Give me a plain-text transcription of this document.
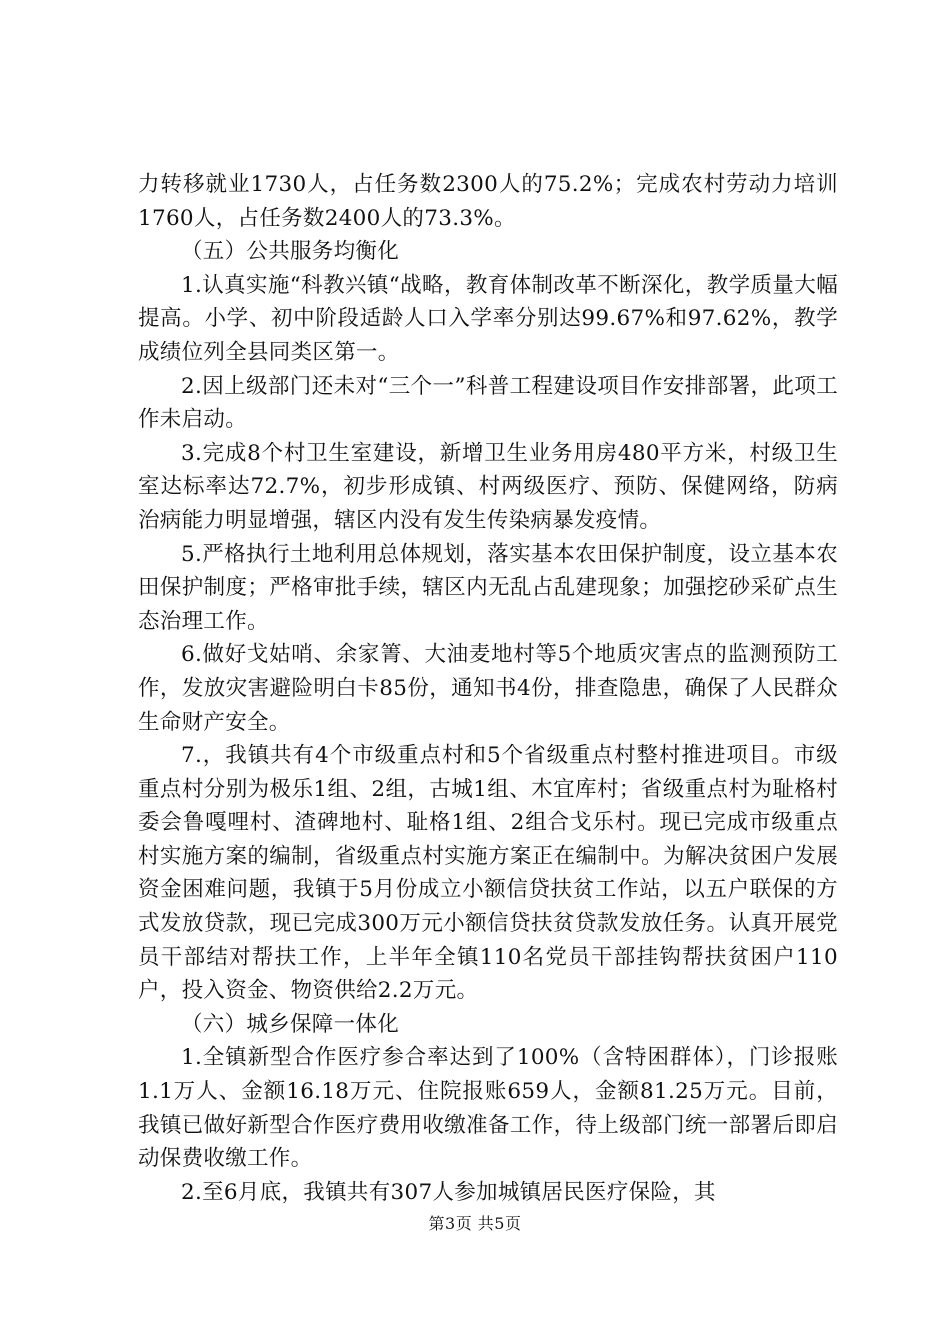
力转移就业1730人，占任务数2300人的75.2%；完成农村劳动力培训1760人，占任务数2400人的73.3%。

（五）公共服务均衡化

1.认真实施“科教兴镇“战略，教育体制改革不断深化，教学质量大幅提高。小学、初中阶段适龄人口入学率分别达99.67%和97.62%，教学成绩位列全县同类区第一。

2.因上级部门还未对“三个一”科普工程建设项目作安排部署，此项工作未启动。

3.完成8个村卫生室建设，新增卫生业务用房480平方米，村级卫生室达标率达72.7%，初步形成镇、村两级医疗、预防、保健网络，防病治病能力明显增强，辖区内没有发生传染病暴发疫情。

5.严格执行土地利用总体规划，落实基本农田保护制度，设立基本农田保护制度；严格审批手续，辖区内无乱占乱建现象；加强挖砂采矿点生态治理工作。

6.做好戈姑哨、余家箐、大油麦地村等5个地质灾害点的监测预防工作，发放灾害避险明白卡85份，通知书4份，排查隐患，确保了人民群众生命财产安全。

7.，我镇共有4个市级重点村和5个省级重点村整村推进项目。市级重点村分别为极乐1组、2组，古城1组、木宜库村；省级重点村为耻格村委会鲁嘎哩村、渣碑地村、耻格1组、2组合戈乐村。现已完成市级重点村实施方案的编制，省级重点村实施方案正在编制中。为解决贫困户发展资金困难问题，我镇于5月份成立小额信贷扶贫工作站，以五户联保的方式发放贷款，现已完成300万元小额信贷扶贫贷款发放任务。认真开展党员干部结对帮扶工作，上半年全镇110名党员干部挂钩帮扶贫困户110户，投入资金、物资供给2.2万元。

（六）城乡保障一体化

1.全镇新型合作医疗参合率达到了100%（含特困群体），门诊报账1.1万人、金额16.18万元、住院报账659人，金额81.25万元。目前，我镇已做好新型合作医疗费用收缴准备工作，待上级部门统一部署后即启动保费收缴工作。

2.至6月底，我镇共有307人参加城镇居民医疗保险，其

第3页 共5页
